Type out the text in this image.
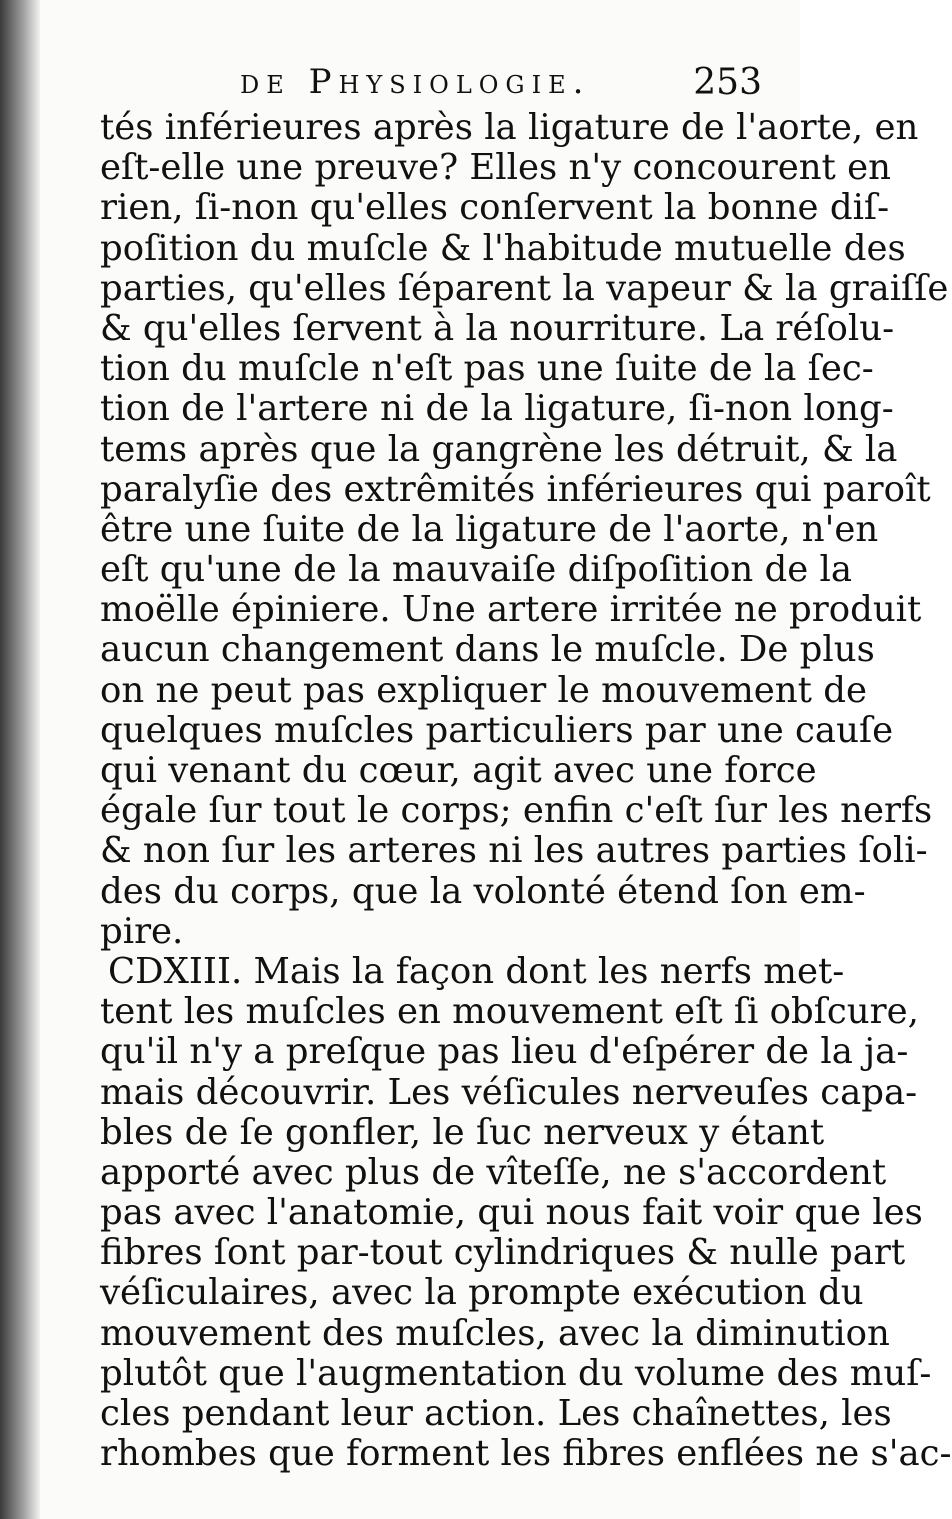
de Physiologie.	253
tés inférieures après la ligature de l'aorte, en
eſt-elle une preuve? Elles n'y concourent en
rien, ſi-non qu'elles conſervent la bonne diſ-
poſition du muſcle & l'habitude mutuelle des
parties, qu'elles ſéparent la vapeur & la graiſſe
& qu'elles ſervent à la nourriture. La réſolu-
tion du muſcle n'eſt pas une ſuite de la ſec-
tion de l'artere ni de la ligature, ſi-non long-
tems après que la gangrène les détruit, & la
paralyſie des extrêmités inférieures qui paroît
être une ſuite de la ligature de l'aorte, n'en
eſt qu'une de la mauvaiſe diſpoſition de la
moëlle épiniere. Une artere irritée ne produit
aucun changement dans le muſcle. De plus
on ne peut pas expliquer le mouvement de
quelques muſcles particuliers par une cauſe
qui venant du cœur, agit avec une force
égale ſur tout le corps; enfin c'eſt ſur les nerfs
& non ſur les arteres ni les autres parties ſoli-
des du corps, que la volonté étend ſon em-
pire.
CDXIII. Mais la façon dont les nerfs met-
tent les muſcles en mouvement eſt ſi obſcure,
qu'il n'y a preſque pas lieu d'eſpérer de la ja-
mais découvrir. Les véſicules nerveuſes capa-
bles de ſe gonfler, le ſuc nerveux y étant
apporté avec plus de vîteſſe, ne s'accordent
pas avec l'anatomie, qui nous fait voir que les
fibres ſont par-tout cylindriques & nulle part
véſiculaires, avec la prompte exécution du
mouvement des muſcles, avec la diminution
plutôt que l'augmentation du volume des muſ-
cles pendant leur action. Les chaînettes, les
rhombes que forment les fibres enflées ne s'ac-
